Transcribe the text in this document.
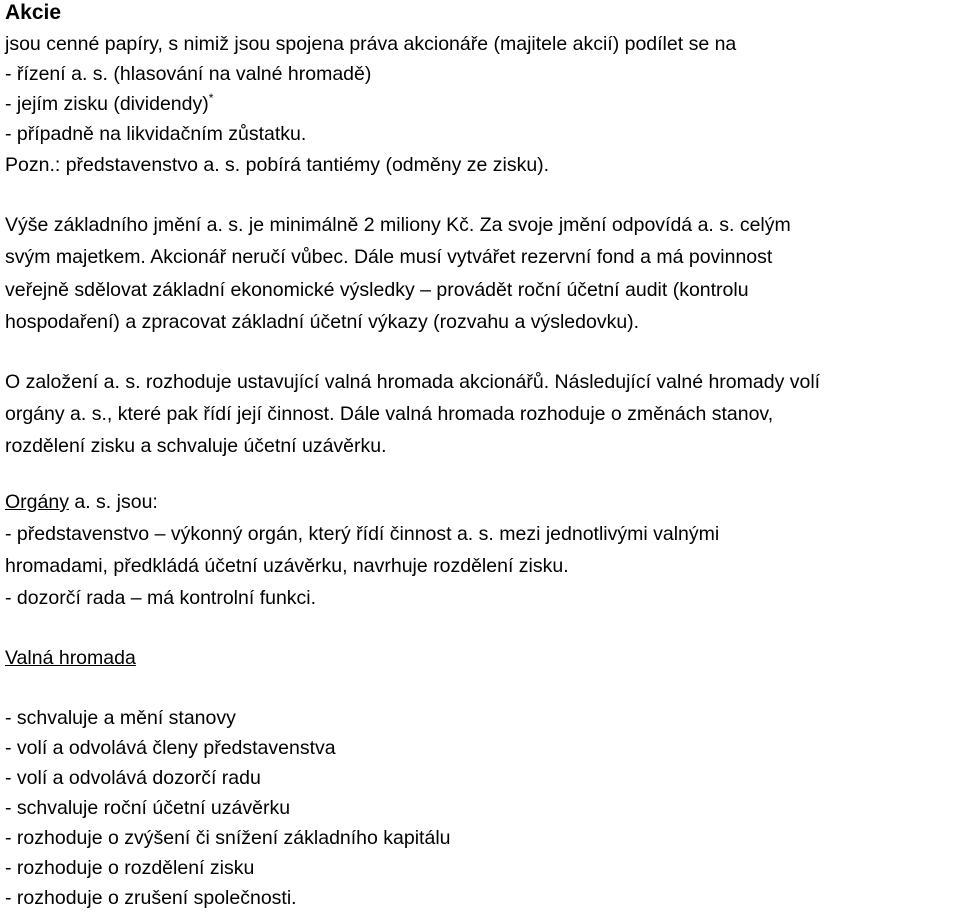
Akcie
jsou cenné papíry, s nimiž jsou spojena práva akcionáře (majitele akcií) podílet se na
- řízení a. s. (hlasování na valné hromadě)
- jejím zisku (dividendy)*
- případně na likvidačním zůstatku.
Pozn.: představenstvo a. s. pobírá tantiémy (odměny ze zisku).
Výše základního jmění a. s. je minimálně 2 miliony Kč. Za svoje jmění odpovídá a. s. celým
svým majetkem. Akcionář neručí vůbec. Dále musí vytvářet rezervní fond a má povinnost
veřejně sdělovat základní ekonomické výsledky – provádět roční účetní audit (kontrolu
hospodaření) a zpracovat základní účetní výkazy (rozvahu a výsledovku).
O založení a. s. rozhoduje ustavující valná hromada akcionářů. Následující valné hromady volí
orgány a. s., které pak řídí její činnost. Dále valná hromada rozhoduje o změnách stanov,
rozdělení zisku a schvaluje účetní uzávěrku.
Orgány a. s. jsou:
- představenstvo – výkonný orgán, který řídí činnost a. s. mezi jednotlivými valnými
hromadami, předkládá účetní uzávěrku, navrhuje rozdělení zisku.
- dozorčí rada – má kontrolní funkci.
Valná hromada
- schvaluje a mění stanovy
- volí a odvolává členy představenstva
- volí a odvolává dozorčí radu
- schvaluje roční účetní uzávěrku
- rozhoduje o zvýšení či snížení základního kapitálu
- rozhoduje o rozdělení zisku
- rozhoduje o zrušení společnosti.
